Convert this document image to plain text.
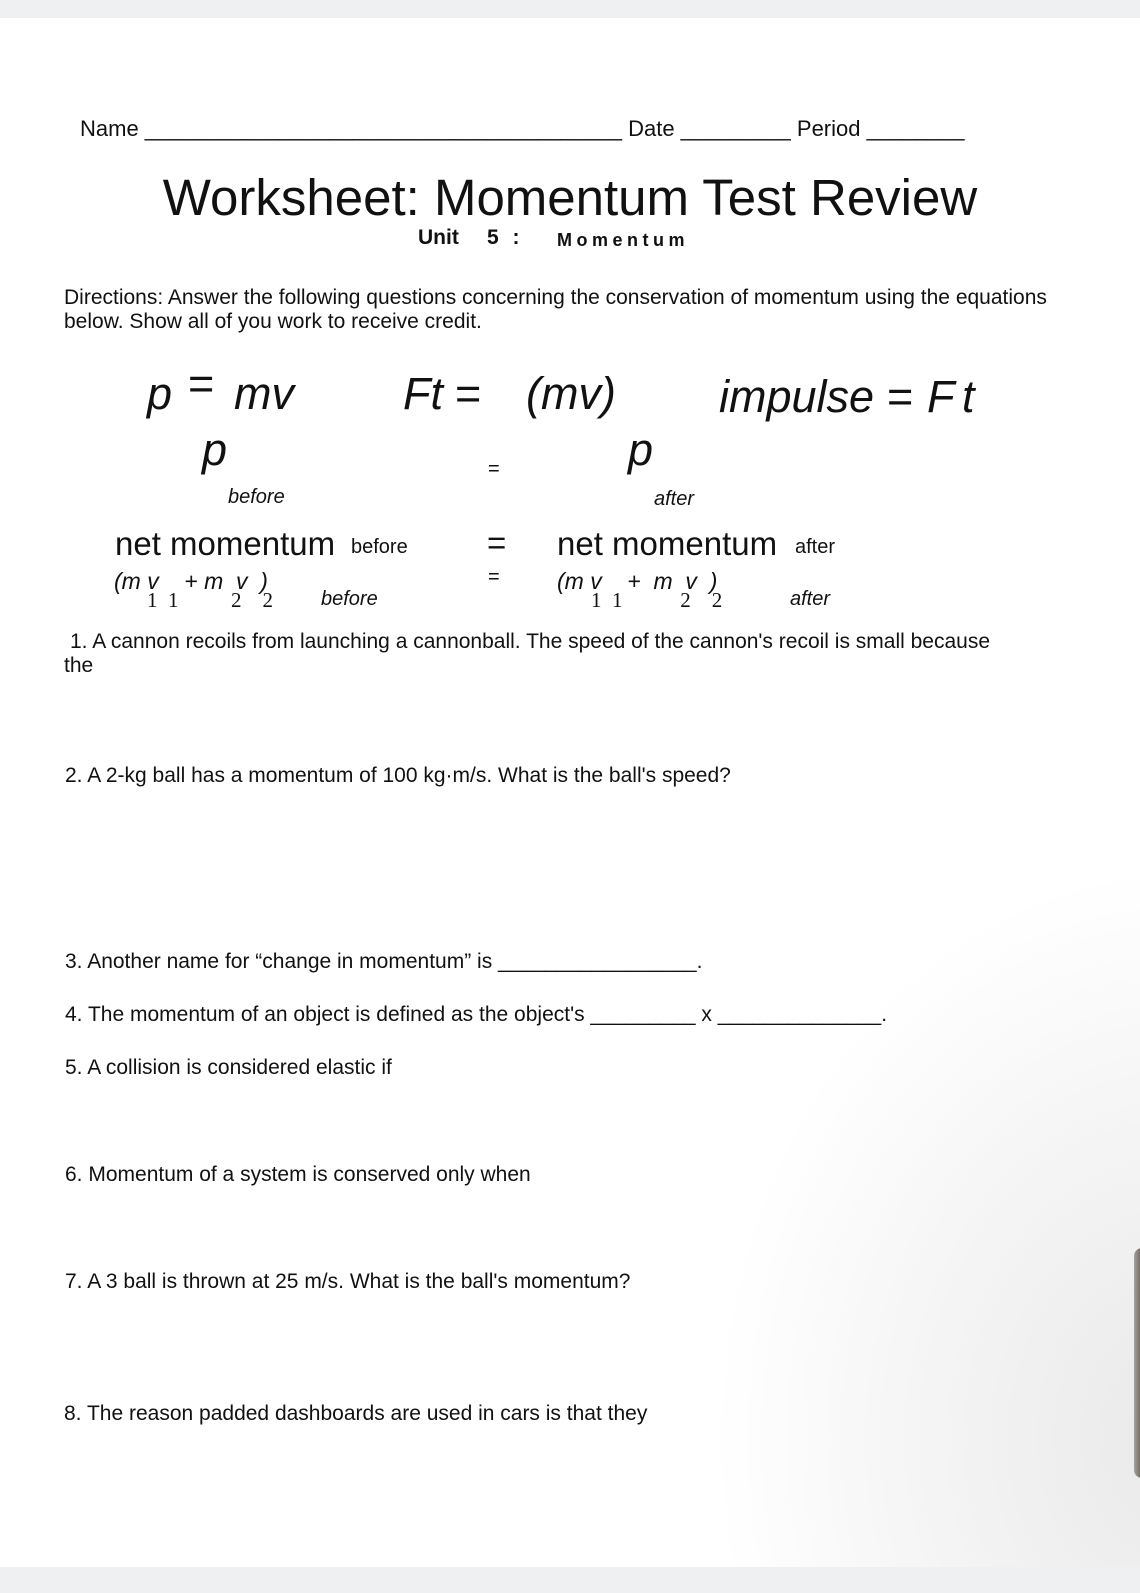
Name _______________________________________ Date _________ Period ________
Worksheet: Momentum Test Review
Unit 5 : Momentum
Directions: Answer the following questions concerning the conservation of momentum using the equations below. Show all of you work to receive credit.
p = mv Ft = (mv) impulse = F t
p
before
=	p
after
net momentum before = net momentum after
(m v    + m  v  )
1  1          2    2 before
= (m v    +  m  v  )
1  1           2    2	after
1. A cannon recoils from launching a cannonball. The speed of the cannon's recoil is small because the
2. A 2-kg ball has a momentum of 100 kg·m/s. What is the ball's speed?
3. Another name for “change in momentum” is _________________.
4. The momentum of an object is defined as the object's _________ x ______________.
5. A collision is considered elastic if
6. Momentum of a system is conserved only when
7. A 3 ball is thrown at 25 m/s. What is the ball's momentum?
8. The reason padded dashboards are used in cars is that they
